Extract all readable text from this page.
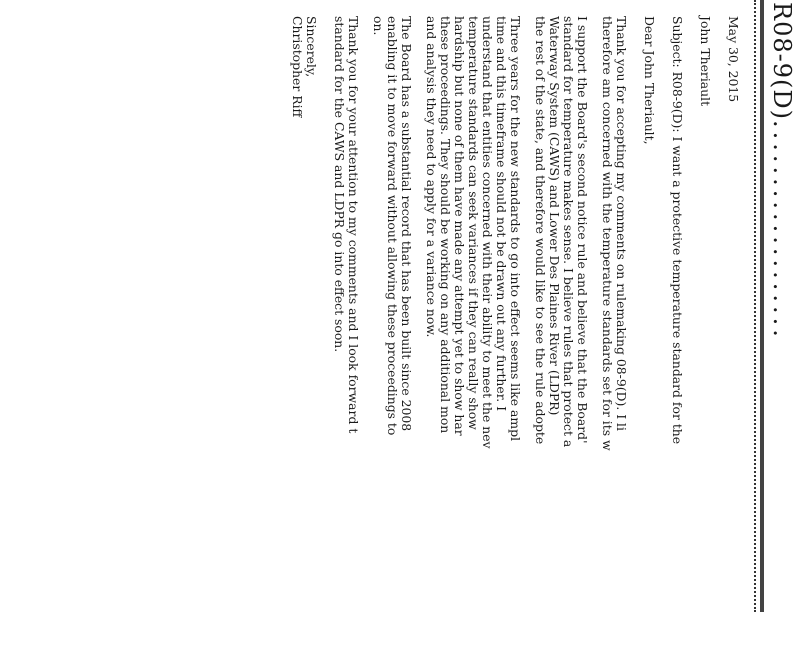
R08-9(D)...................
May 30, 2015
John Theriault
Subject: R08-9(D): I want a protective temperature standard for the
Dear John Theriault,
Thank you for accepting my comments on rulemaking 08-9(D). I li
therefore am concerned with the temperature standards set for its w
I support the Board's second notice rule and believe that the Board'
standard for temperature makes sense. I believe rules that protect a
Waterway System (CAWS) and Lower Des Plaines River (LDPR)
the rest of the state, and therefore would like to see the rule adopte
Three years for the new standards to go into effect seems like ampl
time and this timeframe should not be drawn out any further. I
understand that entities concerned with their ability to meet the nev
temperature standards can seek variances if they can really show
hardship but none of them have made any attempt yet to show har
these proceedings. They should be working on any additional mon
and analysis they need to apply for a variance now.
The Board has a substantial record that has been built since 2008
enabling it to move forward without allowing these proceedings to
on.
Thank you for your attention to my comments and I look forward t
standard for the CAWS and LDPR go into effect soon.
Sincerely,
Christopher Riff
